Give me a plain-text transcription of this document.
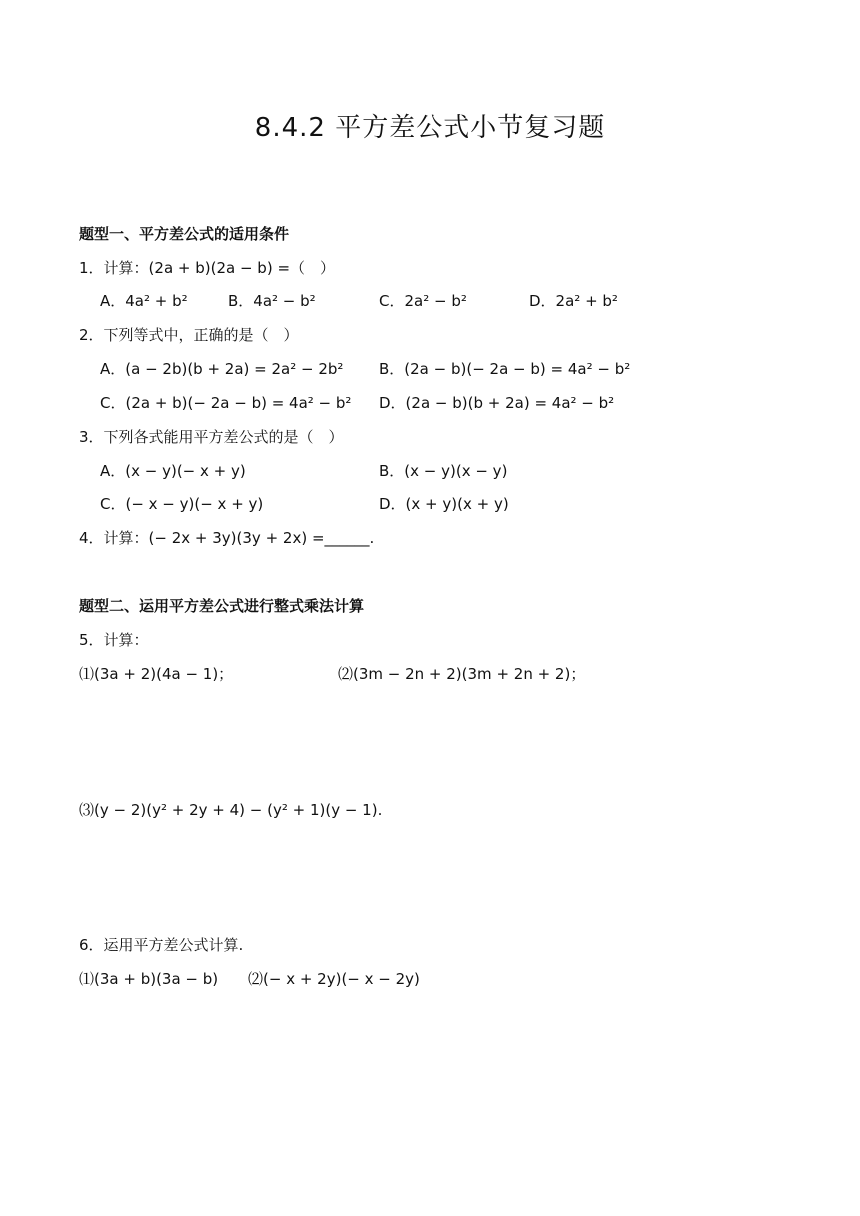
8.4.2 平方差公式小节复习题
题型一、平方差公式的适用条件
1．计算：(2a + b)(2a − b) =（　）
A．4a² + b²	B．4a² − b²	C．2a² − b²	D．2a² + b²
2．下列等式中，正确的是（　）
A．(a − 2b)(b + 2a) = 2a² − 2b² B．(2a − b)(− 2a − b) = 4a² − b²
C．(2a + b)(− 2a − b) = 4a² − b² D．(2a − b)(b + 2a) = 4a² − b²
3．下列各式能用平方差公式的是（　）
A．(x − y)(− x + y)	B．(x − y)(x − y)
C．(− x − y)(− x + y)	D．(x + y)(x + y)
4．计算：(− 2x + 3y)(3y + 2x) =______.
题型二、运用平方差公式进行整式乘法计算
5．计算：
⑴(3a + 2)(4a − 1)；	⑵(3m − 2n + 2)(3m + 2n + 2)；
⑶(y − 2)(y² + 2y + 4) − (y² + 1)(y − 1).
6．运用平方差公式计算.
⑴(3a + b)(3a − b) ⑵(− x + 2y)(− x − 2y)
